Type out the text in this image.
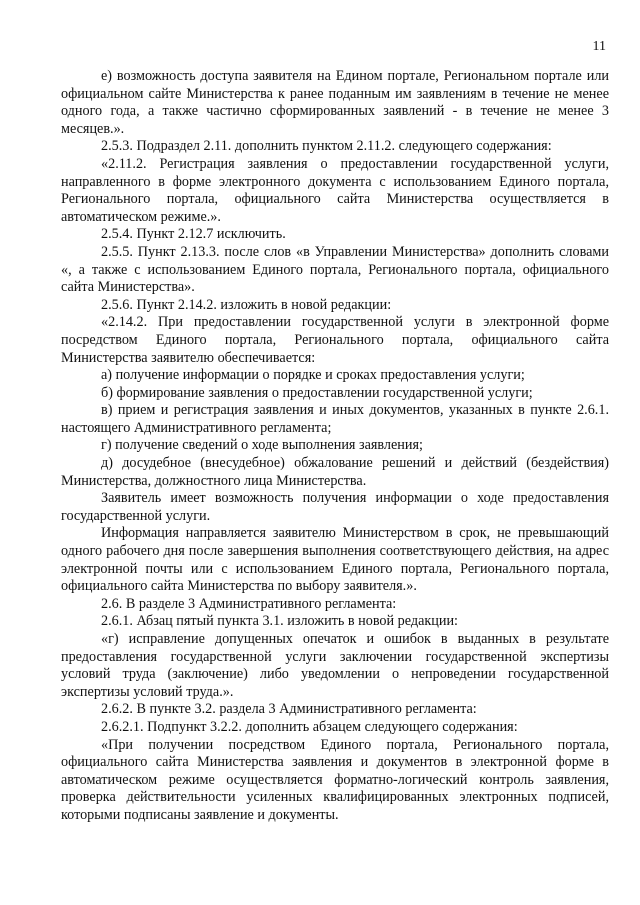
11

е) возможность доступа заявителя на Едином портале, Региональном портале или официальном сайте Министерства к ранее поданным им заявлениям в течение не менее одного года, а также частично сформированных заявлений - в течение не менее 3 месяцев.».

2.5.3. Подраздел 2.11. дополнить пунктом 2.11.2. следующего содержания:

«2.11.2. Регистрация заявления о предоставлении государственной услуги, направленного в форме электронного документа с использованием Единого портала, Регионального портала, официального сайта Министерства осуществляется в автоматическом режиме.».

2.5.4. Пункт 2.12.7 исключить.

2.5.5. Пункт 2.13.3. после слов «в Управлении Министерства» дополнить словами «, а также с использованием Единого портала, Регионального портала, официального сайта Министерства».

2.5.6. Пункт 2.14.2. изложить в новой редакции:

«2.14.2. При предоставлении государственной услуги в электронной форме посредством Единого портала, Регионального портала, официального сайта Министерства заявителю обеспечивается:

а) получение информации о порядке и сроках предоставления услуги;

б) формирование заявления о предоставлении государственной услуги;

в) прием и регистрация заявления и иных документов, указанных в пункте 2.6.1. настоящего Административного регламента;

г) получение сведений о ходе выполнения заявления;

д) досудебное (внесудебное) обжалование решений и действий (бездействия) Министерства, должностного лица Министерства.

Заявитель имеет возможность получения информации о ходе предоставления государственной услуги.

Информация направляется заявителю Министерством в срок, не превышающий одного рабочего дня после завершения выполнения соответствующего действия, на адрес электронной почты или с использованием Единого портала, Регионального портала, официального сайта Министерства по выбору заявителя.».

2.6. В разделе 3 Административного регламента:

2.6.1. Абзац пятый пункта 3.1. изложить в новой редакции:

«г) исправление допущенных опечаток и ошибок в выданных в результате предоставления государственной услуги заключении государственной экспертизы условий труда (заключение) либо уведомлении о непроведении государственной экспертизы условий труда.».

2.6.2. В пункте 3.2. раздела 3 Административного регламента:

2.6.2.1. Подпункт 3.2.2. дополнить абзацем следующего содержания:

«При получении посредством Единого портала, Регионального портала, официального сайта Министерства заявления и документов в электронной форме в автоматическом режиме осуществляется форматно-логический контроль заявления, проверка действительности усиленных квалифицированных электронных подписей, которыми подписаны заявление и документы.
